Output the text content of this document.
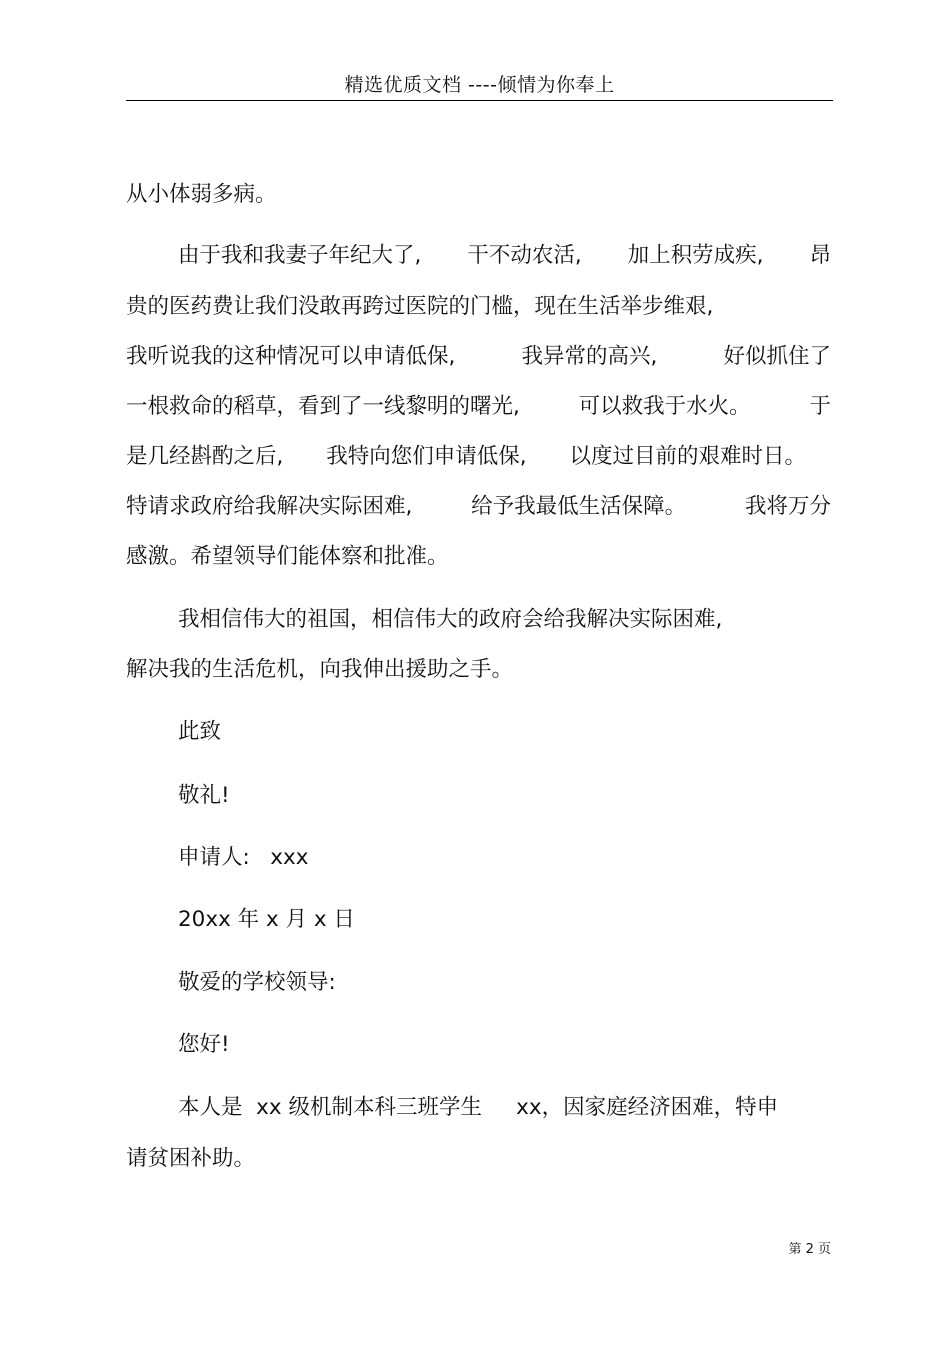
精选优质文档 ----倾情为你奉上
从小体弱多病。
由于我和我妻子年纪大了, 干不动农活, 加上积劳成疾, 昂
贵的医药费让我们没敢再跨过医院的门槛，现在生活举步维艰,
我听说我的这种情况可以申请低保,	我异常的高兴,	好似抓住了
一根救命的稻草，看到了一线黎明的曙光,	可以救我于水火。	于
是几经斟酌之后, 我特向您们申请低保, 以度过目前的艰难时日。
特请求政府给我解决实际困难,	给予我最低生活保障。	我将万分
感激。希望领导们能体察和批准。
我相信伟大的祖国，相信伟大的政府会给我解决实际困难,
解决我的生活危机，向我伸出援助之手。
此致
敬礼!
申请人:   xxx
20xx 年 x 月 x 日
敬爱的学校领导:
您好!
本人是  xx 级机制本科三班学生     xx，因家庭经济困难，特申
请贫困补助。
第 2 页
